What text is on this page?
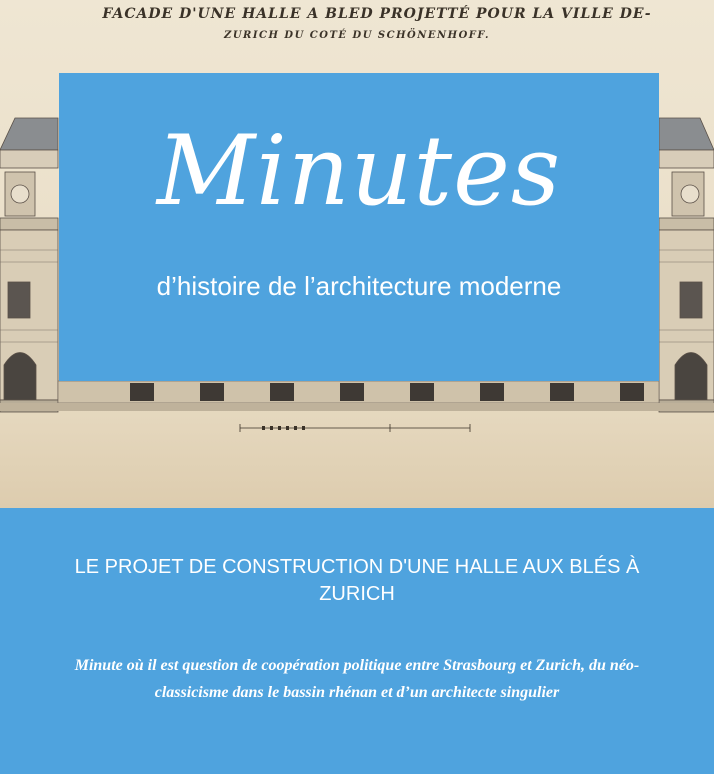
FACADE D'UNE HALLE A BLED PROJETTÉ POUR LA VILLE DE-
ZURICH DU COTÉ DU SCHÖNENHOFF.
Minutes
d’histoire de l’architecture moderne
LE PROJET DE CONSTRUCTION D'UNE HALLE AUX BLÉS À ZURICH
Minute où il est question de coopération politique entre Strasbourg et Zurich, du néo-classicisme dans le bassin rhénan et d’un architecte singulier
